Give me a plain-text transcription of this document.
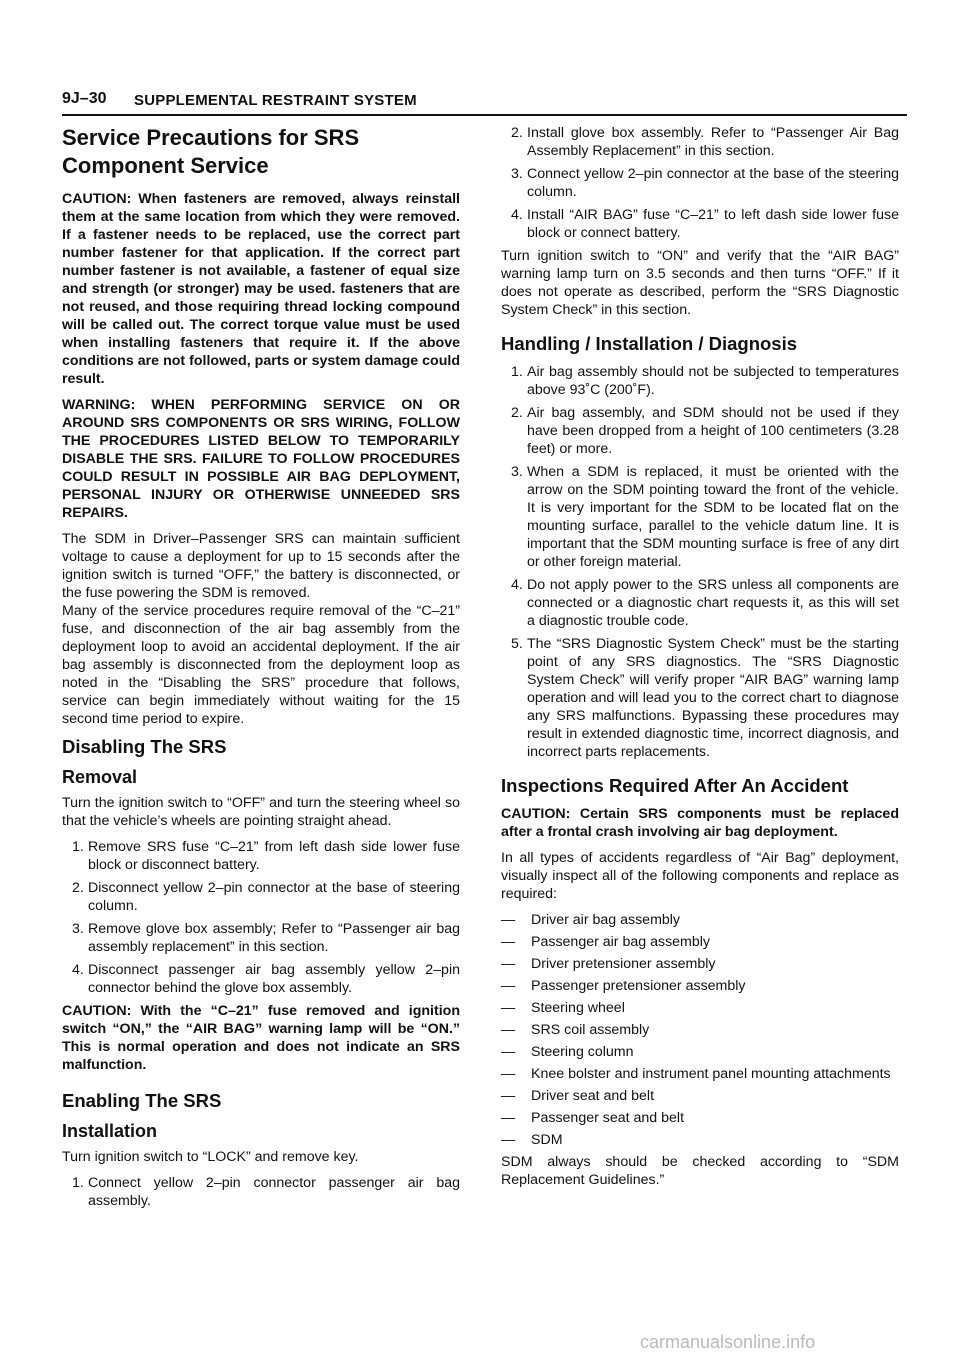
9J–30 SUPPLEMENTAL RESTRAINT SYSTEM
Service Precautions for SRS Component Service

CAUTION: When fasteners are removed, always reinstall them at the same location from which they were removed. If a fastener needs to be replaced, use the correct part number fastener for that application. If the correct part number fastener is not available, a fastener of equal size and strength (or stronger) may be used. fasteners that are not reused, and those requiring thread locking compound will be called out. The correct torque value must be used when installing fasteners that require it. If the above conditions are not followed, parts or system damage could result.

WARNING: WHEN PERFORMING SERVICE ON OR AROUND SRS COMPONENTS OR SRS WIRING, FOLLOW THE PROCEDURES LISTED BELOW TO TEMPORARILY DISABLE THE SRS. FAILURE TO FOLLOW PROCEDURES COULD RESULT IN POSSIBLE AIR BAG DEPLOYMENT, PERSONAL INJURY OR OTHERWISE UNNEEDED SRS REPAIRS.

The SDM in Driver–Passenger SRS can maintain sufficient voltage to cause a deployment for up to 15 seconds after the ignition switch is turned “OFF,” the battery is disconnected, or the fuse powering the SDM is removed.

Many of the service procedures require removal of the “C–21” fuse, and disconnection of the air bag assembly from the deployment loop to avoid an accidental deployment. If the air bag assembly is disconnected from the deployment loop as noted in the “Disabling the SRS” procedure that follows, service can begin immediately without waiting for the 15 second time period to expire.

Disabling The SRS
Removal

Turn the ignition switch to “OFF” and turn the steering wheel so that the vehicle’s wheels are pointing straight ahead.

1. Remove SRS fuse “C–21” from left dash side lower fuse block or disconnect battery.
2. Disconnect yellow 2–pin connector at the base of steering column.
3. Remove glove box assembly; Refer to “Passenger air bag assembly replacement” in this section.
4. Disconnect passenger air bag assembly yellow 2–pin connector behind the glove box assembly.

CAUTION: With the “C–21” fuse removed and ignition switch “ON,” the “AIR BAG” warning lamp will be “ON.” This is normal operation and does not indicate an SRS malfunction.

Enabling The SRS
Installation

Turn ignition switch to “LOCK” and remove key.

1. Connect yellow 2–pin connector passenger air bag assembly.
2. Install glove box assembly. Refer to “Passenger Air Bag Assembly Replacement” in this section.
3. Connect yellow 2–pin connector at the base of the steering column.
4. Install “AIR BAG” fuse “C–21” to left dash side lower fuse block or connect battery.

Turn ignition switch to “ON” and verify that the “AIR BAG” warning lamp turn on 3.5 seconds and then turns “OFF.” If it does not operate as described, perform the “SRS Diagnostic System Check” in this section.

Handling / Installation / Diagnosis
1. Air bag assembly should not be subjected to temperatures above 93˚C (200˚F).
2. Air bag assembly, and SDM should not be used if they have been dropped from a height of 100 centimeters (3.28 feet) or more.
3. When a SDM is replaced, it must be oriented with the arrow on the SDM pointing toward the front of the vehicle. It is very important for the SDM to be located flat on the mounting surface, parallel to the vehicle datum line. It is important that the SDM mounting surface is free of any dirt or other foreign material.
4. Do not apply power to the SRS unless all components are connected or a diagnostic chart requests it, as this will set a diagnostic trouble code.
5. The “SRS Diagnostic System Check” must be the starting point of any SRS diagnostics. The “SRS Diagnostic System Check” will verify proper “AIR BAG” warning lamp operation and will lead you to the correct chart to diagnose any SRS malfunctions. Bypassing these procedures may result in extended diagnostic time, incorrect diagnosis, and incorrect parts replacements.
Inspections Required After An Accident

CAUTION: Certain SRS components must be replaced after a frontal crash involving air bag deployment.

In all types of accidents regardless of “Air Bag” deployment, visually inspect all of the following components and replace as required:

— Driver air bag assembly
— Passenger air bag assembly
— Driver pretensioner assembly
— Passenger pretensioner assembly
— Steering wheel
— SRS coil assembly
— Steering column
— Knee bolster and instrument panel mounting attachments
— Driver seat and belt
— Passenger seat and belt
— SDM

SDM always should be checked according to “SDM Replacement Guidelines.”

carmanualsonline.info
